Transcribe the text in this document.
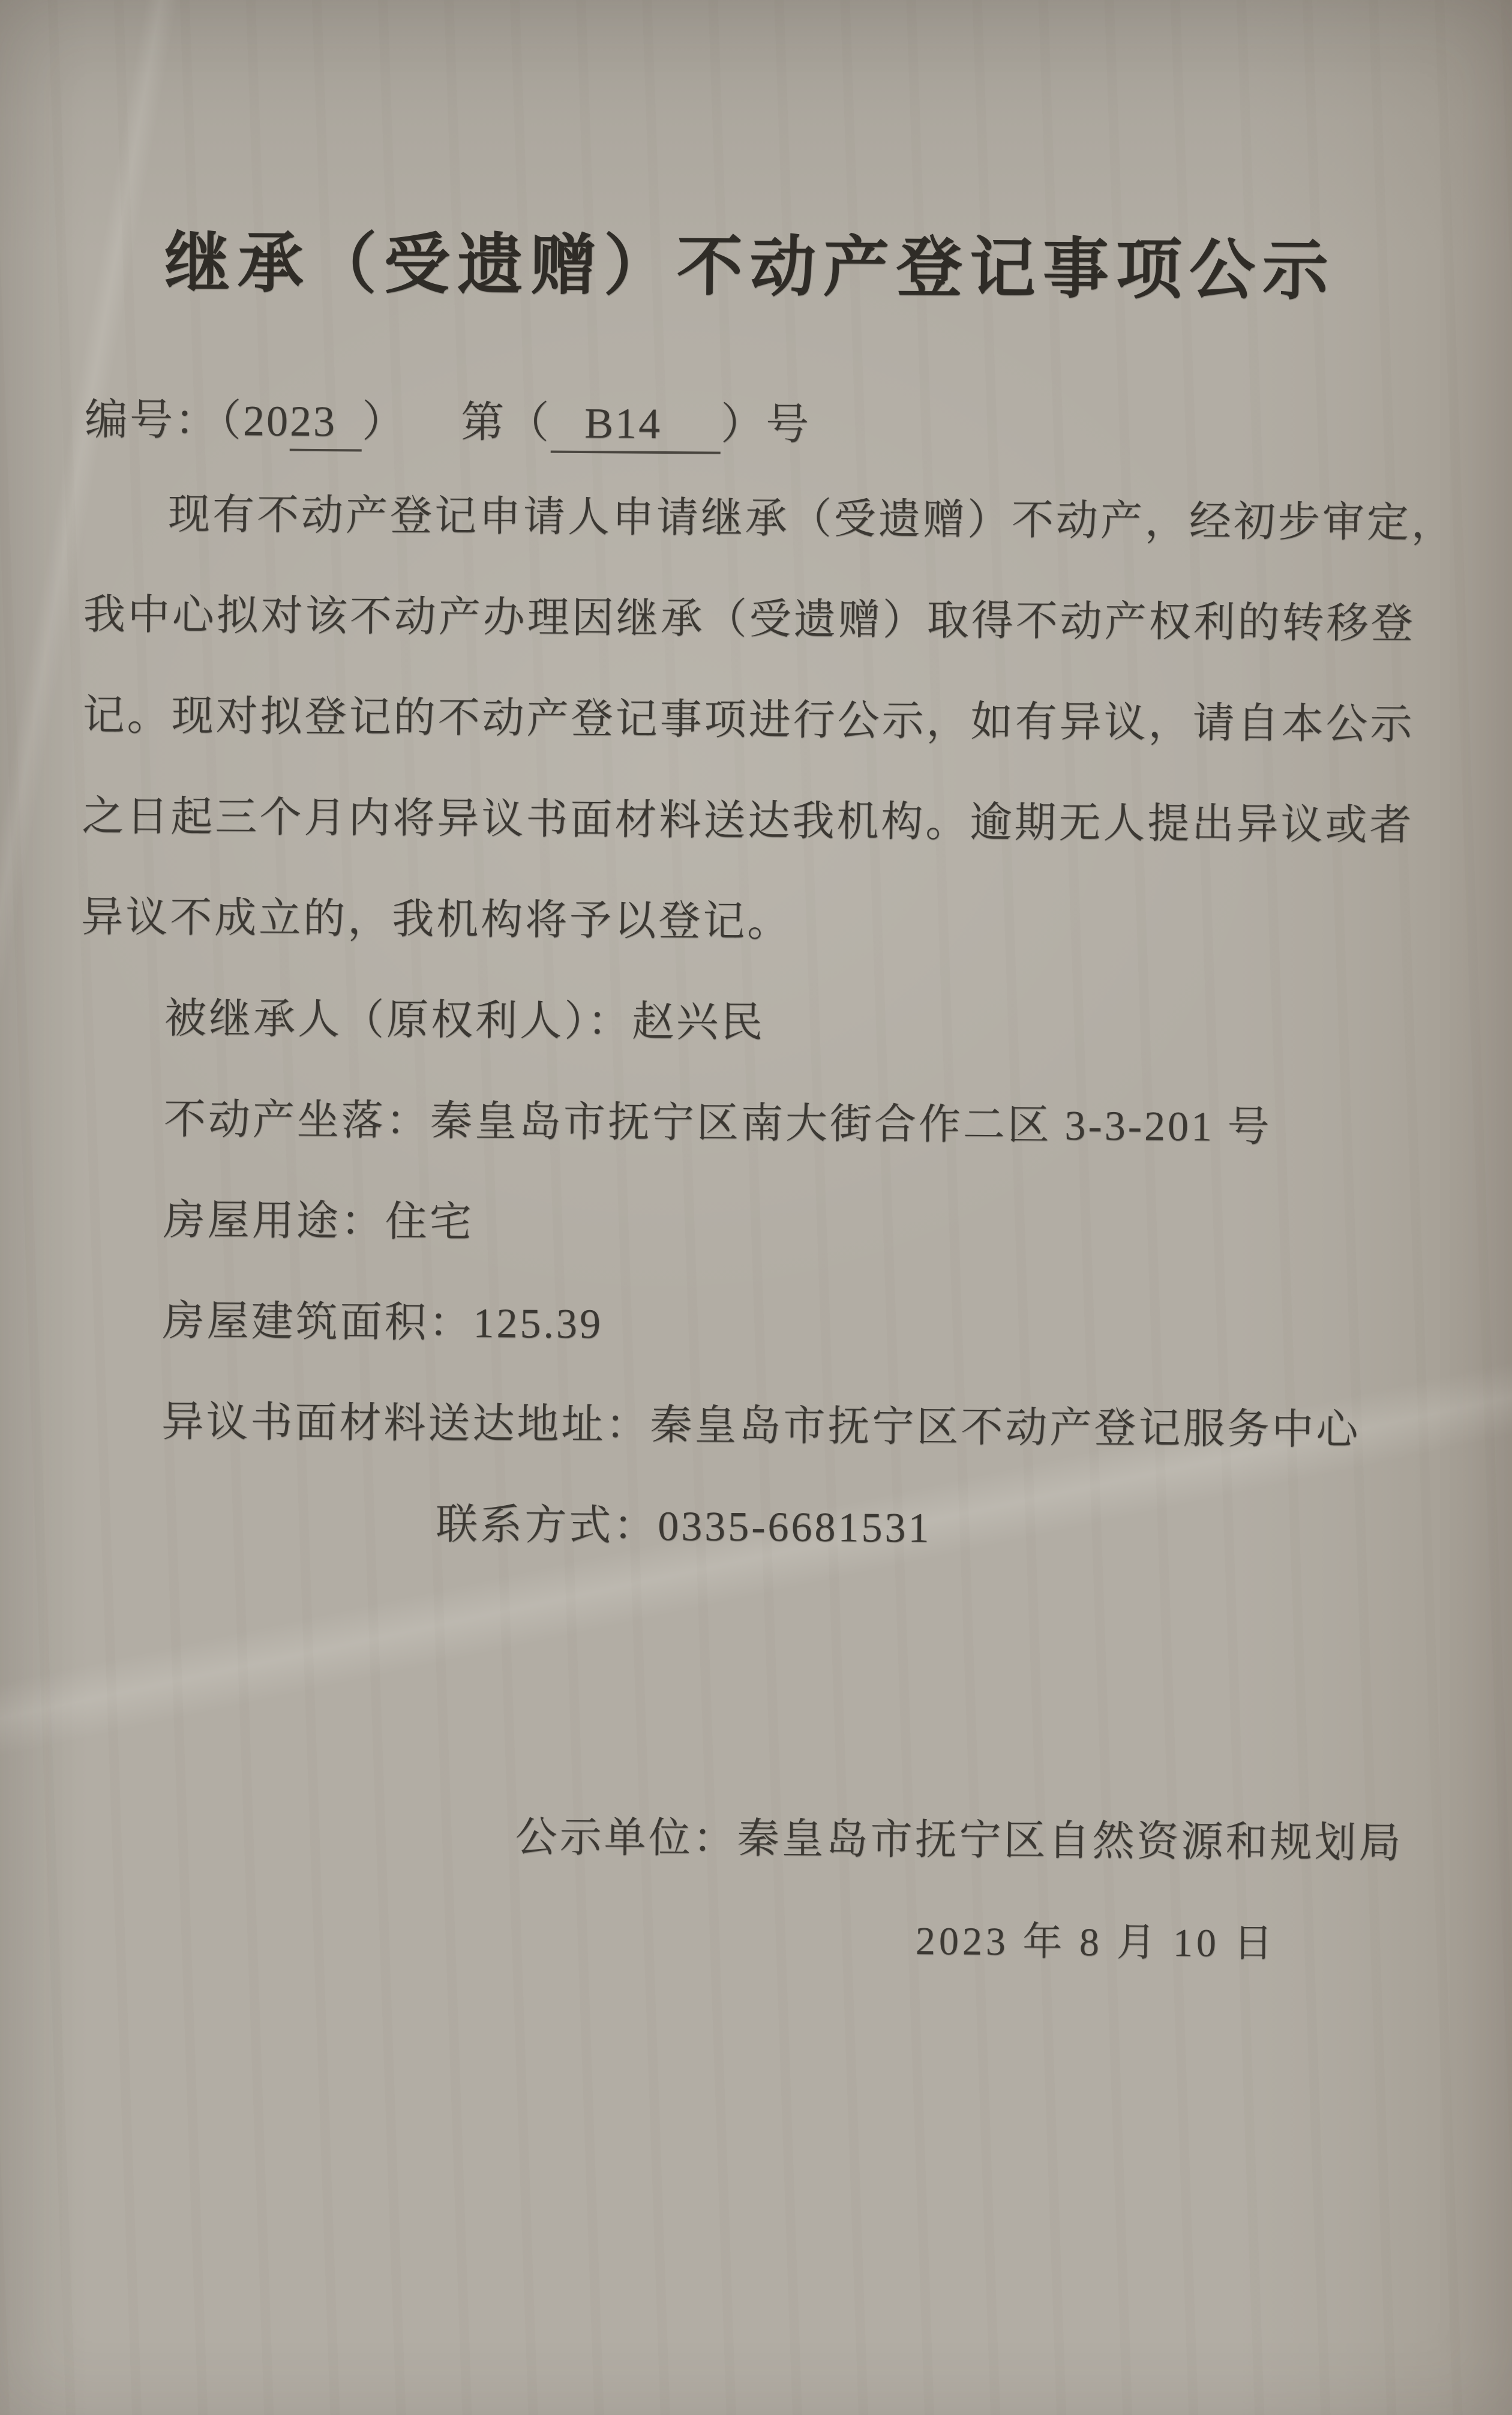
继承（受遗赠）不动产登记事项公示
编号：（2023 ） 第（ B14 ）号
现有不动产登记申请人申请继承（受遗赠）不动产，经初步审定，
我中心拟对该不动产办理因继承（受遗赠）取得不动产权利的转移登
记。现对拟登记的不动产登记事项进行公示，如有异议，请自本公示
之日起三个月内将异议书面材料送达我机构。逾期无人提出异议或者
异议不成立的，我机构将予以登记。
被继承人（原权利人）：赵兴民
不动产坐落：秦皇岛市抚宁区南大街合作二区 3-3-201 号
房屋用途：住宅
房屋建筑面积：125.39
异议书面材料送达地址：秦皇岛市抚宁区不动产登记服务中心
联系方式：0335-6681531
公示单位：秦皇岛市抚宁区自然资源和规划局
2023 年 8 月 10 日
